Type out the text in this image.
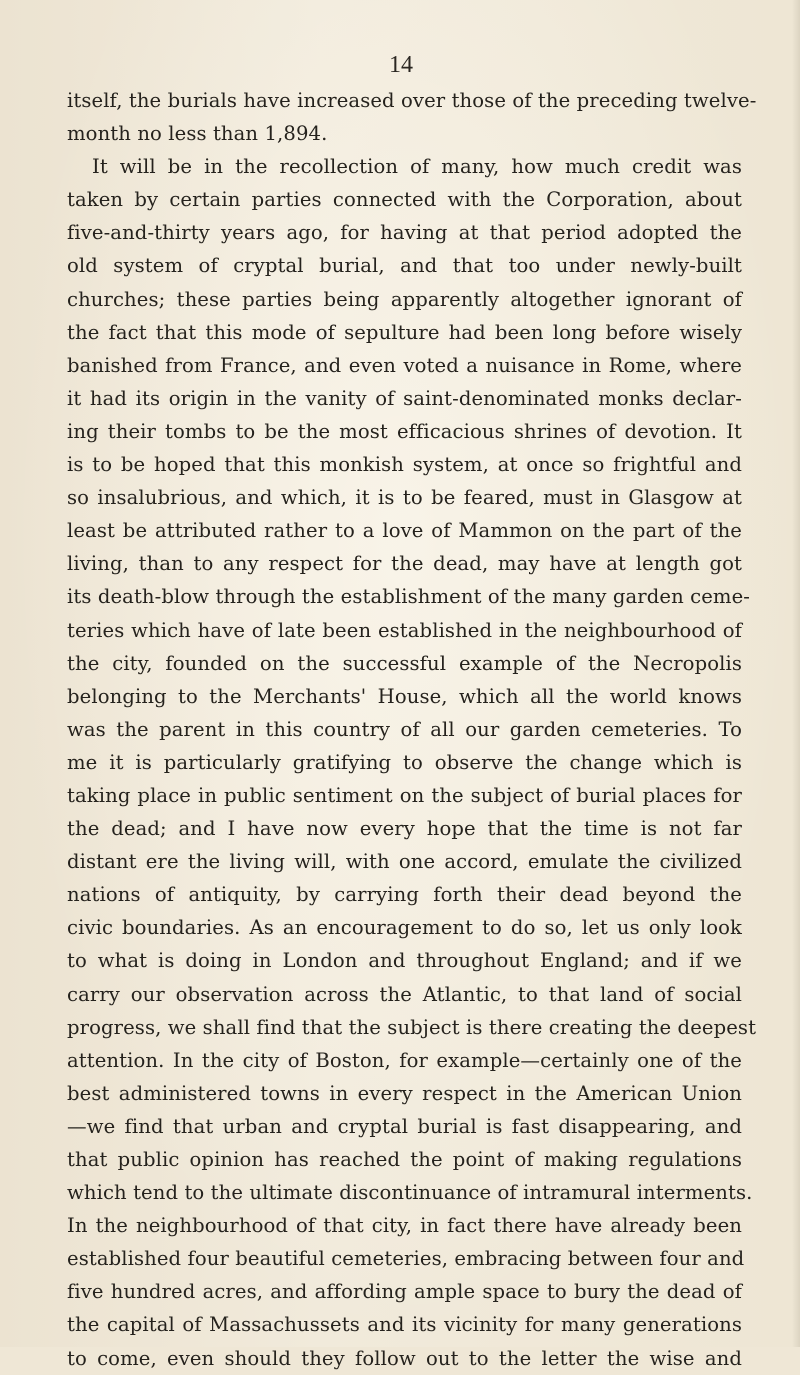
14

itself, the burials have increased over those of the preceding twelve-
month no less than 1,894.
It will be in the recollection of many, how much credit was
taken by certain parties connected with the Corporation, about
five-and-thirty years ago, for having at that period adopted the
old system of cryptal burial, and that too under newly-built
churches; these parties being apparently altogether ignorant of
the fact that this mode of sepulture had been long before wisely
banished from France, and even voted a nuisance in Rome, where
it had its origin in the vanity of saint-denominated monks declar-
ing their tombs to be the most efficacious shrines of devotion. It
is to be hoped that this monkish system, at once so frightful and
so insalubrious, and which, it is to be feared, must in Glasgow at
least be attributed rather to a love of Mammon on the part of the
living, than to any respect for the dead, may have at length got
its death-blow through the establishment of the many garden ceme-
teries which have of late been established in the neighbourhood of
the city, founded on the successful example of the Necropolis
belonging to the Merchants' House, which all the world knows
was the parent in this country of all our garden cemeteries. To
me it is particularly gratifying to observe the change which is
taking place in public sentiment on the subject of burial places for
the dead; and I have now every hope that the time is not far
distant ere the living will, with one accord, emulate the civilized
nations of antiquity, by carrying forth their dead beyond the
civic boundaries. As an encouragement to do so, let us only look
to what is doing in London and throughout England; and if we
carry our observation across the Atlantic, to that land of social
progress, we shall find that the subject is there creating the deepest
attention. In the city of Boston, for example—certainly one of the
best administered towns in every respect in the American Union
—we find that urban and cryptal burial is fast disappearing, and
that public opinion has reached the point of making regulations
which tend to the ultimate discontinuance of intramural interments.
In the neighbourhood of that city, in fact there have already been
established four beautiful cemeteries, embracing between four and
five hundred acres, and affording ample space to bury the dead of
the capital of Massachussets and its vicinity for many generations
to come, even should they follow out to the letter the wise and
